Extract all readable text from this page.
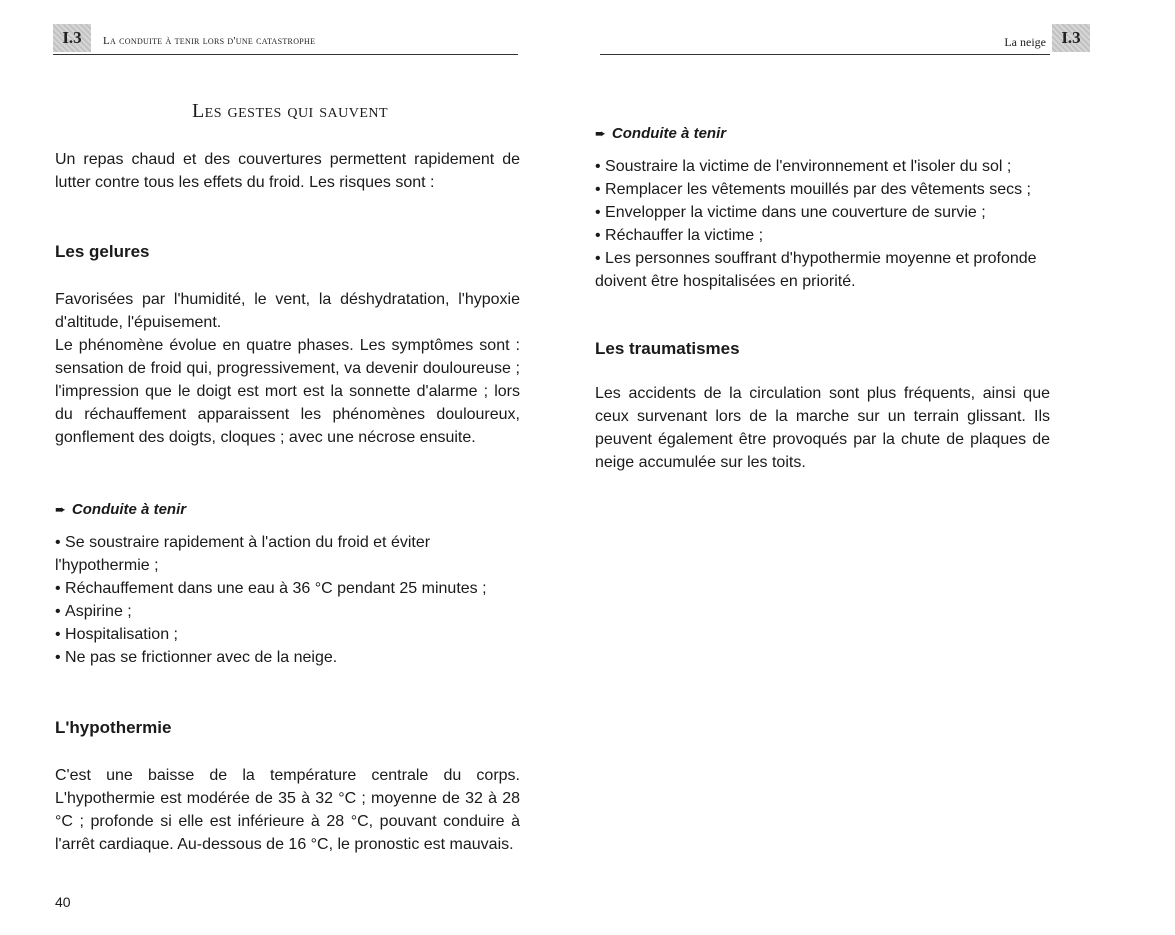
I.3	la conduite à tenir lors d'une catastrophe
Les gestes qui sauvent

Un repas chaud et des couvertures permettent rapidement de lutter contre tous les effets du froid. Les risques sont :

Les gelures

Favorisées par l'humidité, le vent, la déshydratation, l'hypoxie d'altitude, l'épuisement.

Le phénomène évolue en quatre phases. Les symptômes sont : sensation de froid qui, progressivement, va devenir douloureuse ; l'impression que le doigt est mort est la sonnette d'alarme ; lors du réchauffement apparaissent les phénomènes douloureux, gonflement des doigts, cloques ; avec une nécrose ensuite.

➨ Conduite à tenir

• Se soustraire rapidement à l'action du froid et éviter l'hypothermie ;
• Réchauffement dans une eau à 36 °C pendant 25 minutes ;
• Aspirine ;
• Hospitalisation ;
• Ne pas se frictionner avec de la neige.

L'hypothermie

C'est une baisse de la température centrale du corps. L'hypothermie est modérée de 35 à 32 °C ; moyenne de 32 à 28 °C ; profonde si elle est inférieure à 28 °C, pouvant conduire à l'arrêt cardiaque. Au-dessous de 16 °C, le pronostic est mauvais.

40
La neige I.3

➨ Conduite à tenir

• Soustraire la victime de l'environnement et l'isoler du sol ;
• Remplacer les vêtements mouillés par des vêtements secs ;
• Envelopper la victime dans une couverture de survie ;
• Réchauffer la victime ;
• Les personnes souffrant d'hypothermie moyenne et profonde doivent être hospitalisées en priorité.

Les traumatismes

Les accidents de la circulation sont plus fréquents, ainsi que ceux survenant lors de la marche sur un terrain glissant. Ils peuvent également être provoqués par la chute de plaques de neige accumulée sur les toits.
